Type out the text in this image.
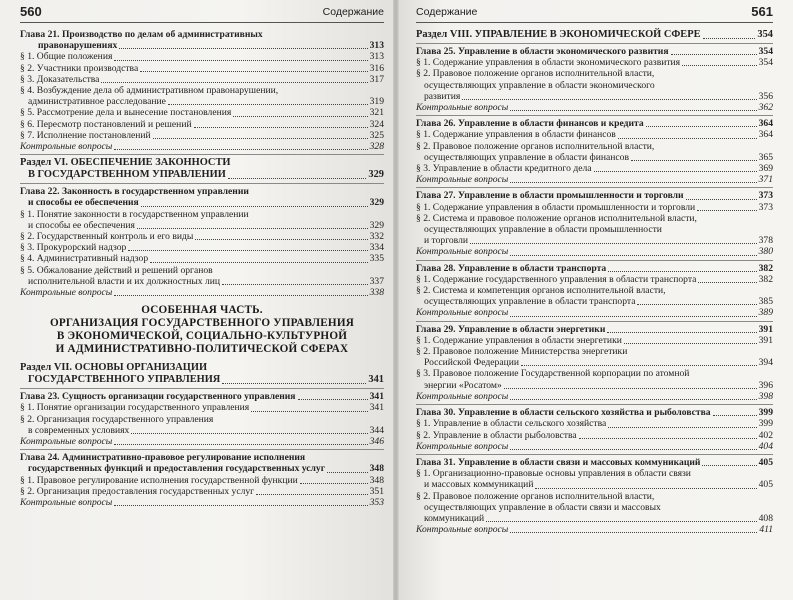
560	Содержание
Глава 21. Производство по делам об административных
правонарушениях	313
§ 1. Общие положения	313
§ 2. Участники производства	316
§ 3. Доказательства	317
§ 4. Возбуждение дела об административном правонарушении,
административное расследование	319
§ 5. Рассмотрение дела и вынесение постановления	321
§ 6. Пересмотр постановлений и решений	324
§ 7. Исполнение постановлений	325
Контрольные вопросы	328
Раздел VI. ОБЕСПЕЧЕНИЕ ЗАКОННОСТИ
В ГОСУДАРСТВЕННОМ УПРАВЛЕНИИ	329
Глава 22. Законность в государственном управлении
и способы ее обеспечения	329
§ 1. Понятие законности в государственном управлении
и способы ее обеспечения	329
§ 2. Государственный контроль и его виды	332
§ 3. Прокурорский надзор	334
§ 4. Административный надзор	335
§ 5. Обжалование действий и решений органов
исполнительной власти и их должностных лиц	337
Контрольные вопросы	338
ОСОБЕННАЯ ЧАСТЬ.
ОРГАНИЗАЦИЯ ГОСУДАРСТВЕННОГО УПРАВЛЕНИЯ
В ЭКОНОМИЧЕСКОЙ, СОЦИАЛЬНО-КУЛЬТУРНОЙ
И АДМИНИСТРАТИВНО-ПОЛИТИЧЕСКОЙ СФЕРАХ
Раздел VII. ОСНОВЫ ОРГАНИЗАЦИИ
ГОСУДАРСТВЕННОГО УПРАВЛЕНИЯ	341
Глава 23. Сущность организации государственного управления	341
§ 1. Понятие организации государственного управления	341
§ 2. Организация государственного управления
в современных условиях	344
Контрольные вопросы	346
Глава 24. Административно-правовое регулирование исполнения
государственных функций и предоставления государственных услуг	348
§ 1. Правовое регулирование исполнения государственной функции	348
§ 2. Организация предоставления государственных услуг	351
Контрольные вопросы	353
Содержание	561
Раздел VIII. УПРАВЛЕНИЕ В ЭКОНОМИЧЕСКОЙ СФЕРЕ	354
Глава 25. Управление в области экономического развития	354
§ 1. Содержание управления в области экономического развития	354
§ 2. Правовое положение органов исполнительной власти,
осуществляющих управление в области экономического
развития	356
Контрольные вопросы	362
Глава 26. Управление в области финансов и кредита	364
§ 1. Содержание управления в области финансов	364
§ 2. Правовое положение органов исполнительной власти,
осуществляющих управление в области финансов	365
§ 3. Управление в области кредитного дела	369
Контрольные вопросы	371
Глава 27. Управление в области промышленности и торговли	373
§ 1. Содержание управления в области промышленности и торговли	373
§ 2. Система и правовое положение органов исполнительной власти,
осуществляющих управление в области промышленности
и торговли	378
Контрольные вопросы	380
Глава 28. Управление в области транспорта	382
§ 1. Содержание государственного управления в области транспорта	382
§ 2. Система и компетенция органов исполнительной власти,
осуществляющих управление в области транспорта	385
Контрольные вопросы	389
Глава 29. Управление в области энергетики	391
§ 1. Содержание управления в области энергетики	391
§ 2. Правовое положение Министерства энергетики
Российской Федерации	394
§ 3. Правовое положение Государственной корпорации по атомной
энергии «Росатом»	396
Контрольные вопросы	398
Глава 30. Управление в области сельского хозяйства и рыболовства	399
§ 1. Управление в области сельского хозяйства	399
§ 2. Управление в области рыболовства	402
Контрольные вопросы	404
Глава 31. Управление в области связи и массовых коммуникаций	405
§ 1. Организационно-правовые основы управления в области связи
и массовых коммуникаций	405
§ 2. Правовое положение органов исполнительной власти,
осуществляющих управление в области связи и массовых
коммуникаций	408
Контрольные вопросы	411
